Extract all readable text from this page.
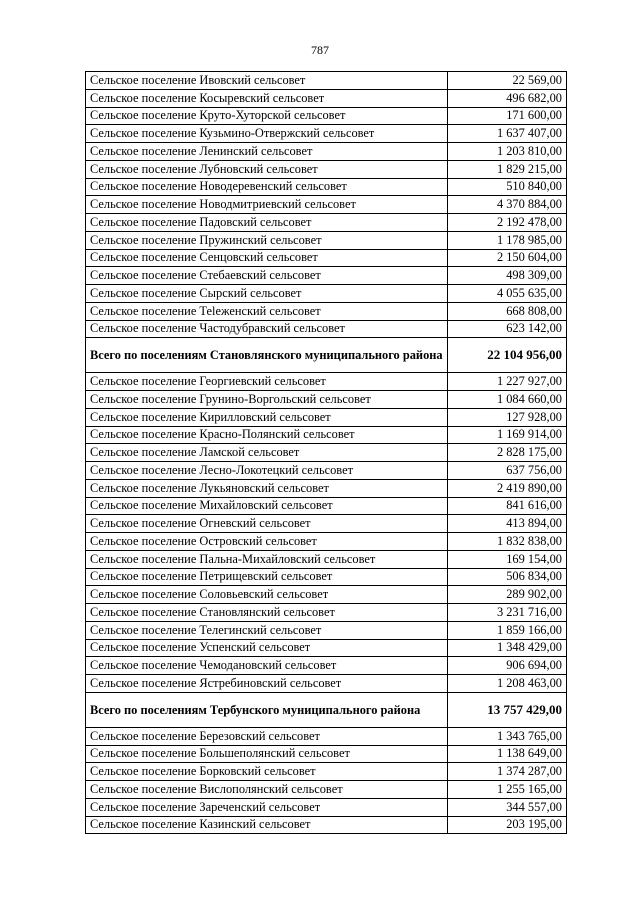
787
Сельское поселение Ивовский сельсовет	22 569,00
Сельское поселение Косыревский сельсовет	496 682,00
Сельское поселение Круто-Хуторской сельсовет	171 600,00
Сельское поселение Кузьмино-Отвержский сельсовет	1 637 407,00
Сельское поселение Ленинский сельсовет	1 203 810,00
Сельское поселение Лубновский сельсовет	1 829 215,00
Сельское поселение Новодеревенский сельсовет	510 840,00
Сельское поселение Новодмитриевский сельсовет	4 370 884,00
Сельское поселение Падовский сельсовет	2 192 478,00
Сельское поселение Пружинский сельсовет	1 178 985,00
Сельское поселение Сенцовский сельсовет	2 150 604,00
Сельское поселение Стебаевский сельсовет	498 309,00
Сельское поселение Сырский сельсовет	4 055 635,00
Сельское поселение Теleженский сельсовет	668 808,00
Сельское поселение Частодубравский сельсовет	623 142,00
Всего по поселениям Становлянского муниципального района	22 104 956,00
Сельское поселение Георгиевский сельсовет	1 227 927,00
Сельское поселение Грунино-Воргольский сельсовет	1 084 660,00
Сельское поселение Кирилловский сельсовет	127 928,00
Сельское поселение Красно-Полянский сельсовет	1 169 914,00
Сельское поселение Ламской сельсовет	2 828 175,00
Сельское поселение Лесно-Локотецкий сельсовет	637 756,00
Сельское поселение Лукьяновский сельсовет	2 419 890,00
Сельское поселение Михайловский сельсовет	841 616,00
Сельское поселение Огневский сельсовет	413 894,00
Сельское поселение Островский сельсовет	1 832 838,00
Сельское поселение Пальна-Михайловский сельсовет	169 154,00
Сельское поселение Петрищевский сельсовет	506 834,00
Сельское поселение Соловьевский сельсовет	289 902,00
Сельское поселение Становлянский сельсовет	3 231 716,00
Сельское поселение Телегинский сельсовет	1 859 166,00
Сельское поселение Успенский сельсовет	1 348 429,00
Сельское поселение Чемодановский сельсовет	906 694,00
Сельское поселение Ястребиновский сельсовет	1 208 463,00
Всего по поселениям Тербунского муниципального района	13 757 429,00
Сельское поселение Березовский сельсовет	1 343 765,00
Сельское поселение Большеполянский сельсовет	1 138 649,00
Сельское поселение Борковский сельсовет	1 374 287,00
Сельское поселение Вислополянский сельсовет	1 255 165,00
Сельское поселение Зареченский сельсовет	344 557,00
Сельское поселение Казинский сельсовет	203 195,00
